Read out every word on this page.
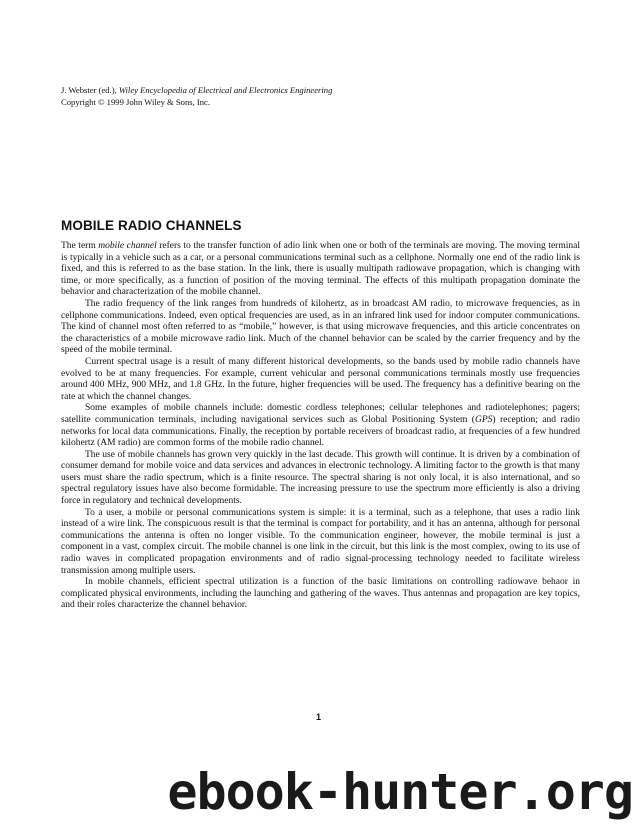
J. Webster (ed.), Wiley Encyclopedia of Electrical and Electronics Engineering
Copyright © 1999 John Wiley & Sons, Inc.
MOBILE RADIO CHANNELS

The term mobile channel refers to the transfer function of adio link when one or both of the terminals are moving. The moving terminal is typically in a vehicle such as a car, or a personal communications terminal such as a cellphone. Normally one end of the radio link is fixed, and this is referred to as the base station. In the link, there is usually multipath radiowave propagation, which is changing with time, or more specifically, as a function of position of the moving terminal. The effects of this multipath propagation dominate the behavior and characterization of the mobile channel.

The radio frequency of the link ranges from hundreds of kilohertz, as in broadcast AM radio, to microwave frequencies, as in cellphone communications. Indeed, even optical frequencies are used, as in an infrared link used for indoor computer communications. The kind of channel most often referred to as “mobile,” however, is that using microwave frequencies, and this article concentrates on the characteristics of a mobile microwave radio link. Much of the channel behavior can be scaled by the carrier frequency and by the speed of the mobile terminal.

Current spectral usage is a result of many different historical developments, so the bands used by mobile radio channels have evolved to be at many frequencies. For example, current vehicular and personal communications terminals mostly use frequencies around 400 MHz, 900 MHz, and 1.8 GHz. In the future, higher frequencies will be used. The frequency has a definitive bearing on the rate at which the channel changes.

Some examples of mobile channels include: domestic cordless telephones; cellular telephones and radiotelephones; pagers; satellite communication terminals, including navigational services such as Global Positioning System (GPS) reception; and radio networks for local data communications. Finally, the reception by portable receivers of broadcast radio, at frequencies of a few hundred kilohertz (AM radio) are common forms of the mobile radio channel.

The use of mobile channels has grown very quickly in the last decade. This growth will continue. It is driven by a combination of consumer demand for mobile voice and data services and advances in electronic technology. A limiting factor to the growth is that many users must share the radio spectrum, which is a finite resource. The spectral sharing is not only local, it is also international, and so spectral regulatory issues have also become formidable. The increasing pressure to use the spectrum more efficiently is also a driving force in regulatory and technical developments.

To a user, a mobile or personal communications system is simple: it is a terminal, such as a telephone, that uses a radio link instead of a wire link. The conspicuous result is that the terminal is compact for portability, and it has an antenna, although for personal communications the antenna is often no longer visible. To the communication engineer, however, the mobile terminal is just a component in a vast, complex circuit. The mobile channel is one link in the circuit, but this link is the most complex, owing to its use of radio waves in complicated propagation environments and of radio signal-processing technology needed to facilitate wireless transmission among multiple users.

In mobile channels, efficient spectral utilization is a function of the basic limitations on controlling radiowave behaor in complicated physical environments, including the launching and gathering of the waves. Thus antennas and propagation are key topics, and their roles characterize the channel behavior.

1
ebook-hunter.org
